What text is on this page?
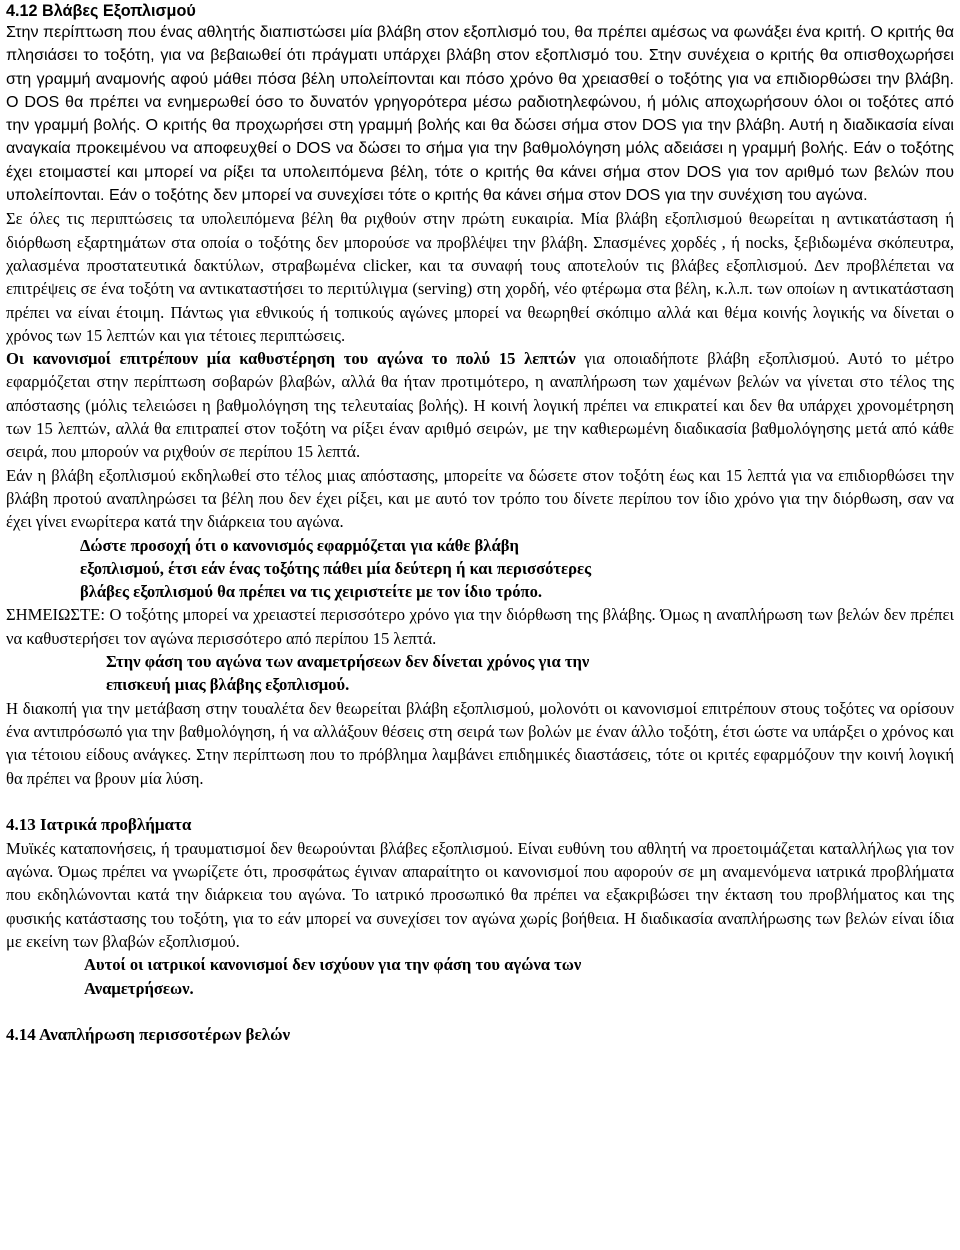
4.12 Βλάβες Εξοπλισμού

Στην περίπτωση που ένας αθλητής διαπιστώσει μία βλάβη στον εξοπλισμό του, θα πρέπει αμέσως να φωνάξει ένα κριτή. Ο κριτής θα πλησιάσει το τοξότη, για να βεβαιωθεί ότι πράγματι υπάρχει βλάβη στον εξοπλισμό του. Στην συνέχεια ο κριτής θα οπισθοχωρήσει στη γραμμή αναμονής αφού μάθει πόσα βέλη υπολείπονται και πόσο χρόνο θα χρειασθεί ο τοξότης για να επιδιορθώσει την βλάβη. Ο DOS θα πρέπει να ενημερωθεί όσο το δυνατόν γρηγορότερα μέσω ραδιοτηλεφώνου, ή μόλις αποχωρήσουν όλοι οι τοξότες από την γραμμή βολής. Ο κριτής θα προχωρήσει στη γραμμή βολής και θα δώσει σήμα στον DOS για την βλάβη. Αυτή η διαδικασία είναι αναγκαία προκειμένου να αποφευχθεί ο DOS να δώσει το σήμα για την βαθμολόγηση μόλς αδειάσει η γραμμή βολής. Εάν ο τοξότης έχει ετοιμαστεί και μπορεί να ρίξει τα υπολειπόμενα βέλη, τότε ο κριτής θα κάνει σήμα στον DOS για τον αριθμό των βελών που υπολείπονται. Εάν ο τοξότης δεν μπορεί να συνεχίσει τότε ο κριτής θα κάνει σήμα στον DOS για την συνέχιση του αγώνα.

Σε όλες τις περιπτώσεις τα υπολειπόμενα βέλη θα ριχθούν στην πρώτη ευκαιρία. Μία βλάβη εξοπλισμού θεωρείται η αντικατάσταση ή διόρθωση εξαρτημάτων στα οποία ο τοξότης δεν μπορούσε να προβλέψει την βλάβη. Σπασμένες χορδές , ή nocks, ξεβιδωμένα σκόπευτρα, χαλασμένα προστατευτικά δακτύλων, στραβωμένα clicker, και τα συναφή τους αποτελούν τις βλάβες εξοπλισμού. Δεν προβλέπεται να επιτρέψεις σε ένα τοξότη να αντικαταστήσει το περιτύλιγμα (serving) στη χορδή, νέο φτέρωμα στα βέλη, κ.λ.π. των οποίων η αντικατάσταση πρέπει να είναι έτοιμη. Πάντως για εθνικούς ή τοπικούς αγώνες μπορεί να θεωρηθεί σκόπιμο αλλά και θέμα κοινής λογικής να δίνεται ο χρόνος των 15 λεπτών και για τέτοιες περιπτώσεις.

Οι κανονισμοί επιτρέπουν μία καθυστέρηση του αγώνα το πολύ 15 λεπτών για οποιαδήποτε βλάβη εξοπλισμού. Αυτό το μέτρο εφαρμόζεται στην περίπτωση σοβαρών βλαβών, αλλά θα ήταν προτιμότερο, η αναπλήρωση των χαμένων βελών να γίνεται στο τέλος της απόστασης (μόλις τελειώσει η βαθμολόγηση της τελευταίας βολής). Η κοινή λογική πρέπει να επικρατεί και δεν θα υπάρχει χρονομέτρηση των 15 λεπτών, αλλά θα επιτραπεί στον τοξότη να ρίξει έναν αριθμό σειρών, με την καθιερωμένη διαδικασία βαθμολόγησης μετά από κάθε σειρά, που μπορούν να ριχθούν σε περίπου 15 λεπτά.

Εάν η βλάβη εξοπλισμού εκδηλωθεί στο τέλος μιας απόστασης, μπορείτε να δώσετε στον τοξότη έως και 15 λεπτά για να επιδιορθώσει την βλάβη προτού αναπληρώσει τα βέλη που δεν έχει ρίξει, και με αυτό τον τρόπο του δίνετε περίπου τον ίδιο χρόνο για την διόρθωση, σαν να έχει γίνει ενωρίτερα κατά την διάρκεια του αγώνα.

Δώστε προσοχή ότι ο κανονισμός εφαρμόζεται για κάθε βλάβη
εξοπλισμού, έτσι εάν ένας τοξότης πάθει μία δεύτερη ή και περισσότερες
βλάβες εξοπλισμού θα πρέπει να τις χειριστείτε με τον ίδιο τρόπο.

ΣΗΜΕΙΩΣΤΕ: Ο τοξότης μπορεί να χρειαστεί περισσότερο χρόνο για την διόρθωση της βλάβης. Όμως η αναπλήρωση των βελών δεν πρέπει να καθυστερήσει τον αγώνα περισσότερο από περίπου 15 λεπτά.

Στην φάση του αγώνα των αναμετρήσεων δεν δίνεται χρόνος για την
επισκευή μιας βλάβης εξοπλισμού.

Η διακοπή για την μετάβαση στην τουαλέτα δεν θεωρείται βλάβη εξοπλισμού, μολονότι οι κανονισμοί επιτρέπουν στους τοξότες να ορίσουν ένα αντιπρόσωπό για την βαθμολόγηση, ή να αλλάξουν θέσεις στη σειρά των βολών με έναν άλλο τοξότη, έτσι ώστε να υπάρξει ο χρόνος και για τέτοιου είδους ανάγκες. Στην περίπτωση που το πρόβλημα λαμβάνει επιδημικές διαστάσεις, τότε οι κριτές εφαρμόζουν την κοινή λογική θα πρέπει να βρουν μία λύση.

4.13 Ιατρικά προβλήματα

Μυϊκές καταπονήσεις, ή τραυματισμοί δεν θεωρούνται βλάβες εξοπλισμού. Είναι ευθύνη του αθλητή να προετοιμάζεται καταλλήλως για τον αγώνα. Όμως πρέπει να γνωρίζετε ότι, προσφάτως έγιναν απαραίτητο οι κανονισμοί που αφορούν σε μη αναμενόμενα ιατρικά προβλήματα που εκδηλώνονται κατά την διάρκεια του αγώνα. Το ιατρικό προσωπικό θα πρέπει να εξακριβώσει την έκταση του προβλήματος και της φυσικής κατάστασης του τοξότη, για το εάν μπορεί να συνεχίσει τον αγώνα χωρίς βοήθεια. Η διαδικασία αναπλήρωσης των βελών είναι ίδια με εκείνη των βλαβών εξοπλισμού.

Αυτοί οι ιατρικοί κανονισμοί δεν ισχύουν για την φάση του αγώνα των
Αναμετρήσεων.
4.14 Αναπλήρωση περισσοτέρων βελών
